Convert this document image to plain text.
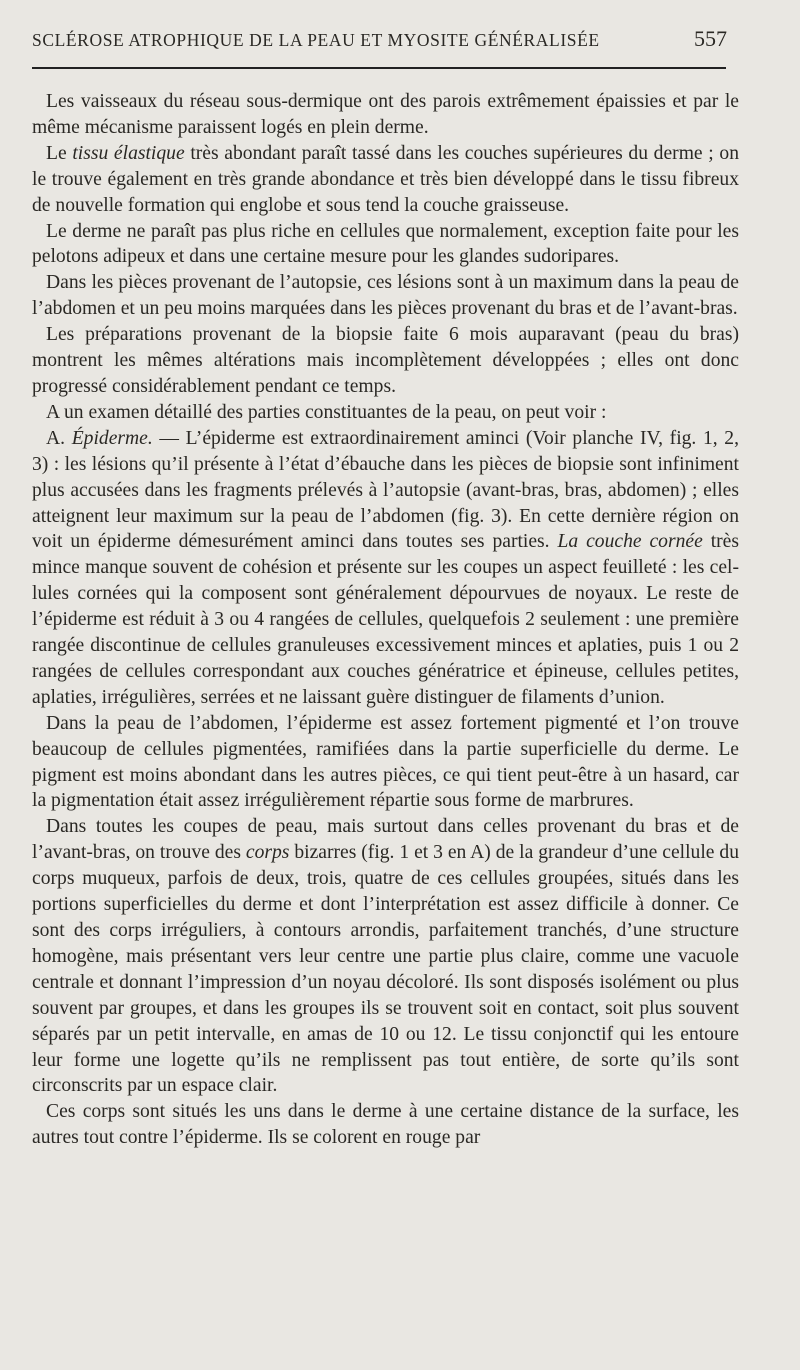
SCLÉROSE ATROPHIQUE DE LA PEAU ET MYOSITE GÉNÉRALISÉE	557

Les vaisseaux du réseau sous-dermique ont des parois extrêmement épaissies et par le même mécanisme paraissent logés en plein derme.

Le tissu élastique très abondant paraît tassé dans les couches supérieures du derme ; on le trouve également en très grande abondance et très bien développé dans le tissu fibreux de nouvelle formation qui englobe et sous tend la couche graisseuse.

Le derme ne paraît pas plus riche en cellules que normalement, exception faite pour les pelotons adipeux et dans une certaine mesure pour les glandes sudoripares.

Dans les pièces provenant de l’autopsie, ces lésions sont à un maximum dans la peau de l’abdomen et un peu moins marquées dans les pièces provenant du bras et de l’avant-bras.

Les préparations provenant de la biopsie faite 6 mois auparavant (peau du bras) montrent les mêmes altérations mais incomplètement développées ; elles ont donc progressé considérablement pendant ce temps.

A un examen détaillé des parties constituantes de la peau, on peut voir :

A. Épiderme. — L’épiderme est extraordinairement aminci (Voir planche IV, fig. 1, 2, 3) : les lésions qu’il présente à l’état d’ébauche dans les pièces de biopsie sont infiniment plus accusées dans les fragments prélevés à l’autopsie (avant-bras, bras, abdomen) ; elles atteignent leur maximum sur la peau de l’abdomen (fig. 3). En cette dernière région on voit un épiderme démesurément aminci dans toutes ses parties. La couche cornée très mince manque souvent de cohésion et présente sur les coupes un aspect feuilleté : les cellules cornées qui la composent sont généralement dépourvues de noyaux. Le reste de l’épiderme est réduit à 3 ou 4 rangées de cellules, quelquefois 2 seulement : une première rangée discontinue de cellules granuleuses excessivement minces et aplaties, puis 1 ou 2 rangées de cellules correspondant aux couches génératrice et épineuse, cellules petites, aplaties, irrégulières, serrées et ne laissant guère distinguer de filaments d’union.

Dans la peau de l’abdomen, l’épiderme est assez fortement pigmenté et l’on trouve beaucoup de cellules pigmentées, ramifiées dans la partie superficielle du derme. Le pigment est moins abondant dans les autres pièces, ce qui tient peut-être à un hasard, car la pigmentation était assez irrégulièrement répartie sous forme de marbrures.

Dans toutes les coupes de peau, mais surtout dans celles provenant du bras et de l’avant-bras, on trouve des corps bizarres (fig. 1 et 3 en A) de la grandeur d’une cellule du corps muqueux, parfois de deux, trois, quatre de ces cellules groupées, situés dans les portions superficielles du derme et dont l’interprétation est assez difficile à donner. Ce sont des corps irréguliers, à contours arrondis, parfaitement tranchés, d’une structure homogène, mais présentant vers leur centre une partie plus claire, comme une vacuole centrale et donnant l’impression d’un noyau décoloré. Ils sont disposés isolément ou plus souvent par groupes, et dans les groupes ils se trouvent soit en contact, soit plus souvent séparés par un petit intervalle, en amas de 10 ou 12. Le tissu conjonctif qui les entoure leur forme une logette qu’ils ne remplissent pas tout entière, de sorte qu’ils sont circonscrits par un espace clair.

Ces corps sont situés les uns dans le derme à une certaine distance de la surface, les autres tout contre l’épiderme. Ils se colorent en rouge par
